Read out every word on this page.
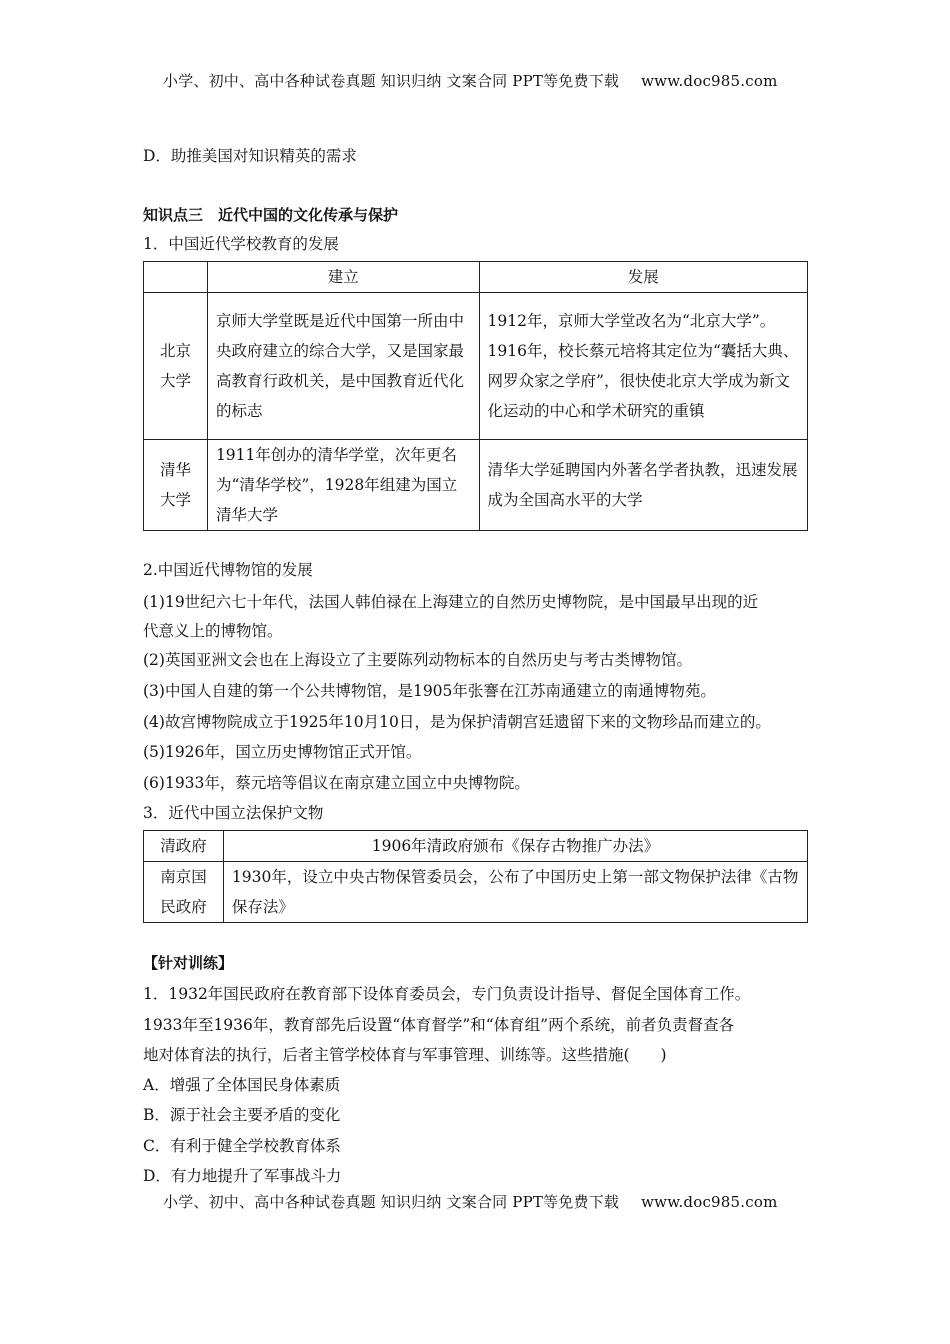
小学、初中、高中各种试卷真题 知识归纳 文案合同 PPT等免费下载 www.doc985.com
D．助推美国对知识精英的需求
知识点三　近代中国的文化传承与保护
1．中国近代学校教育的发展
	建立	发展
北京大学	京师大学堂既是近代中国第一所由中央政府建立的综合大学，又是国家最高教育行政机关，是中国教育近代化的标志	1912年，京师大学堂改名为“北京大学”。1916年，校长蔡元培将其定位为“囊括大典、网罗众家之学府”，很快使北京大学成为新文化运动的中心和学术研究的重镇
清华大学	1911年创办的清华学堂，次年更名为“清华学校”，1928年组建为国立清华大学	清华大学延聘国内外著名学者执教，迅速发展成为全国高水平的大学
2.中国近代博物馆的发展
(1)19世纪六七十年代，法国人韩伯禄在上海建立的自然历史博物院，是中国最早出现的近
代意义上的博物馆。
(2)英国亚洲文会也在上海设立了主要陈列动物标本的自然历史与考古类博物馆。
(3)中国人自建的第一个公共博物馆，是1905年张謇在江苏南通建立的南通博物苑。
(4)故宫博物院成立于1925年10月10日，是为保护清朝宫廷遗留下来的文物珍品而建立的。
(5)1926年，国立历史博物馆正式开馆。
(6)1933年，蔡元培等倡议在南京建立国立中央博物院。
3．近代中国立法保护文物
清政府	1906年清政府颁布《保存古物推广办法》
南京国民政府	1930年，设立中央古物保管委员会，公布了中国历史上第一部文物保护法律《古物保存法》
【针对训练】
1．1932年国民政府在教育部下设体育委员会，专门负责设计指导、督促全国体育工作。
1933年至1936年，教育部先后设置“体育督学”和“体育组”两个系统，前者负责督查各
地对体育法的执行，后者主管学校体育与军事管理、训练等。这些措施(　　)
A．增强了全体国民身体素质
B．源于社会主要矛盾的变化
C．有利于健全学校教育体系
D．有力地提升了军事战斗力
小学、初中、高中各种试卷真题 知识归纳 文案合同 PPT等免费下载 www.doc985.com
